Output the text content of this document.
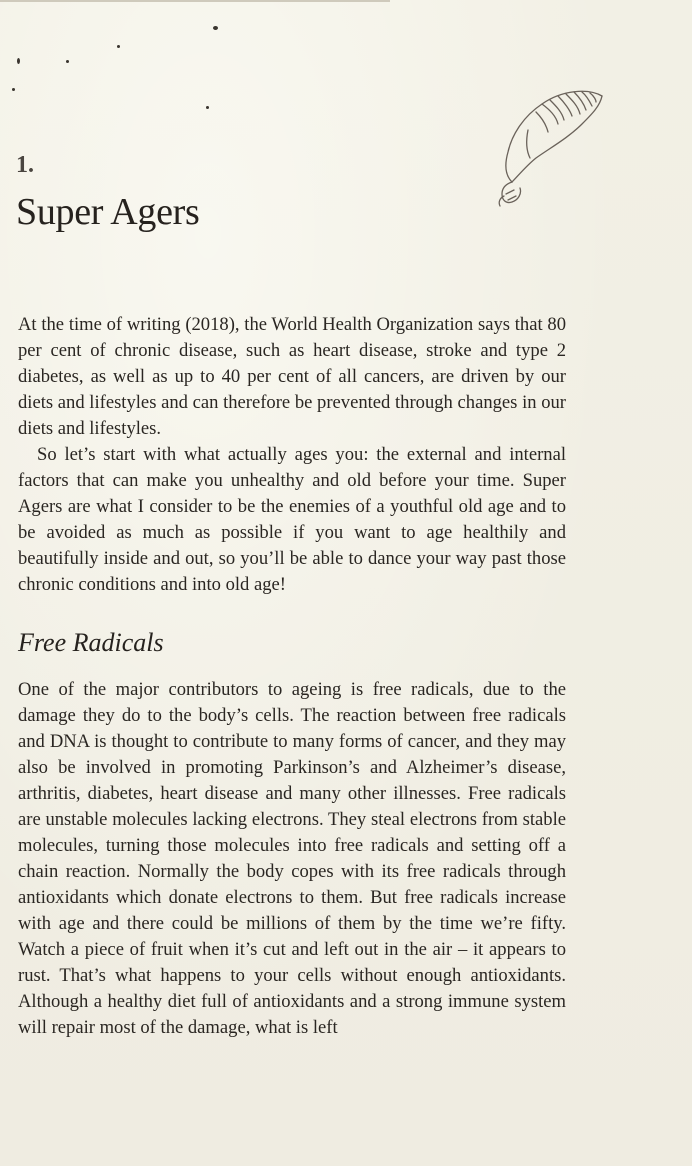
1.
Super Agers

At the time of writing (2018), the World Health Organization says that 80 per cent of chronic disease, such as heart disease, stroke and type 2 diabetes, as well as up to 40 per cent of all cancers, are driven by our diets and lifestyles and can therefore be prevented through changes in our diets and lifestyles.

So let’s start with what actually ages you: the external and internal factors that can make you unhealthy and old before your time. Super Agers are what I consider to be the enemies of a youthful old age and to be avoided as much as possible if you want to age healthily and beautifully inside and out, so you’ll be able to dance your way past those chronic conditions and into old age!

Free Radicals

One of the major contributors to ageing is free radicals, due to the damage they do to the body’s cells. The reaction between free radicals and DNA is thought to contribute to many forms of cancer, and they may also be involved in promoting Parkinson’s and Alzheimer’s disease, arthritis, diabetes, heart disease and many other illnesses. Free radicals are unstable molecules lacking electrons. They steal electrons from stable molecules, turning those molecules into free radicals and setting off a chain reaction. Normally the body copes with its free radicals through antioxidants which donate electrons to them. But free radicals increase with age and there could be millions of them by the time we’re fifty. Watch a piece of fruit when it’s cut and left out in the air – it appears to rust. That’s what happens to your cells without enough antioxidants. Although a healthy diet full of antioxidants and a strong immune system will repair most of the damage, what is left
